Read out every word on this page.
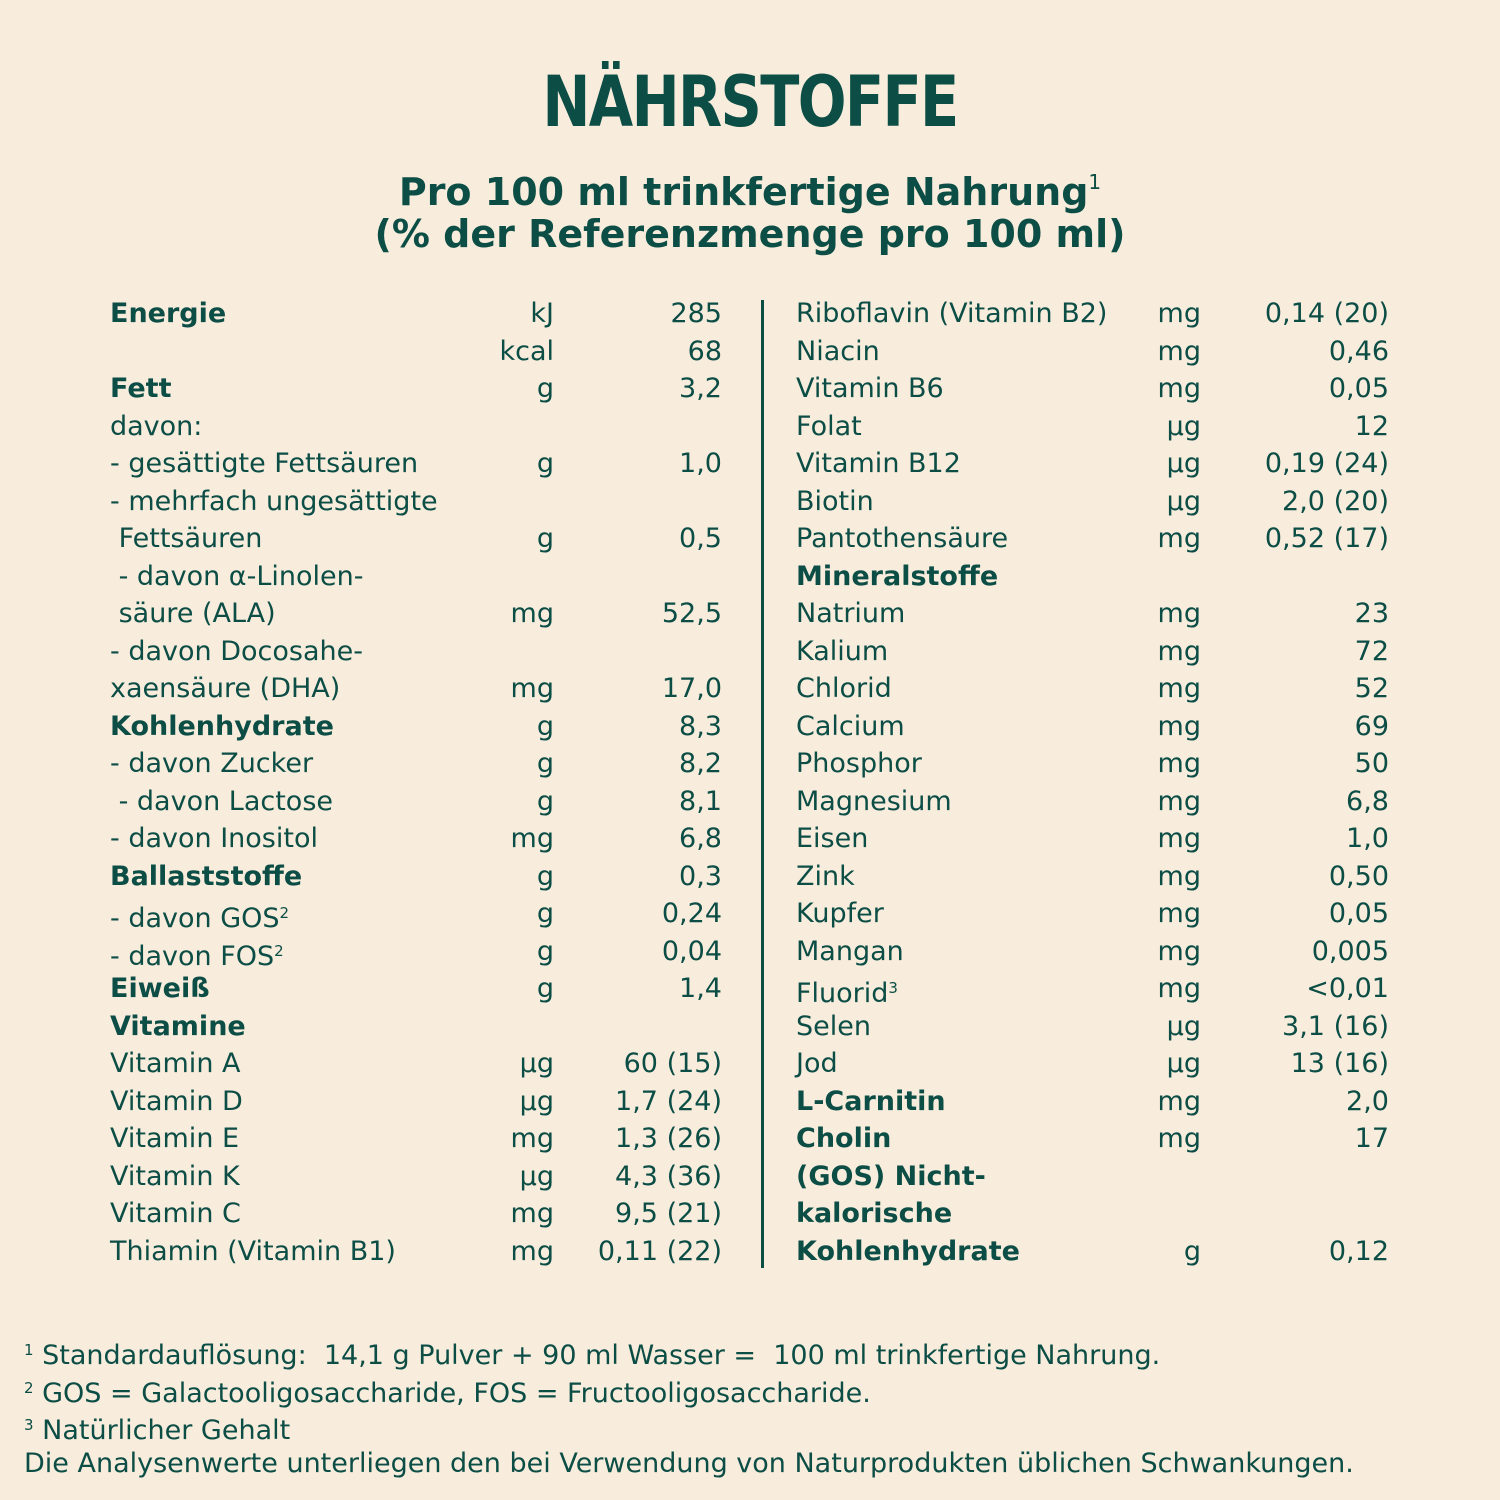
NÄHRSTOFFE
Pro 100 ml trinkfertige Nahrung$^1$
(% der Referenzmenge pro 100 ml)
Energie	kJ	285
kcal	68
Fett	g	3,2
davon:
- gesättigte Fettsäuren	g	1,0
- mehrfach ungesättigte
Fettsäuren	g	0,5
- davon α-Linolen-
säure (ALA)	mg	52,5
- davon Docosahe-
xaensäure (DHA)	mg	17,0
Kohlenhydrate	g	8,3
- davon Zucker	g	8,2
- davon Lactose	g	8,1
- davon Inositol	mg	6,8
Ballaststoffe	g	0,3
- davon GOS$^2$	g	0,24
- davon FOS$^2$	g	0,04
Eiweiß	g	1,4
Vitamine
Vitamin A	µg	60 (15)
Vitamin D	µg 1,7 (24)
Vitamin E	mg 1,3 (26)
Vitamin K	µg 4,3 (36)
Vitamin C	mg 9,5 (21)
Thiamin (Vitamin B1)	mg 0,11 (22)
Riboflavin (Vitamin B2) mg 0,14 (20)
Niacin	mg	0,46
Vitamin B6	mg	0,05
Folat	µg	12
Vitamin B12	µg 0,19 (24)
Biotin	µg	2,0 (20)
Pantothensäure	mg 0,52 (17)
Mineralstoffe
Natrium	mg	23
Kalium	mg	72
Chlorid	mg	52
Calcium	mg	69
Phosphor	mg	50
Magnesium	mg	6,8
Eisen	mg	1,0
Zink	mg	0,50
Kupfer	mg	0,05
Mangan	mg	0,005
Fluorid$^3$	mg	<0,01
Selen	µg	3,1 (16)
Jod	µg	13 (16)
L-Carnitin	mg	2,0
Cholin	mg	17
(GOS) Nicht-
kalorische
Kohlenhydrate	g	0,12
$^1$ Standardauflösung:  14,1 g Pulver + 90 ml Wasser =  100 ml trinkfertige Nahrung.
$^2$ GOS = Galactooligosaccharide, FOS = Fructooligosaccharide.
$^3$ Natürlicher Gehalt
Die Analysenwerte unterliegen den bei Verwendung von Naturprodukten üblichen Schwankungen.
